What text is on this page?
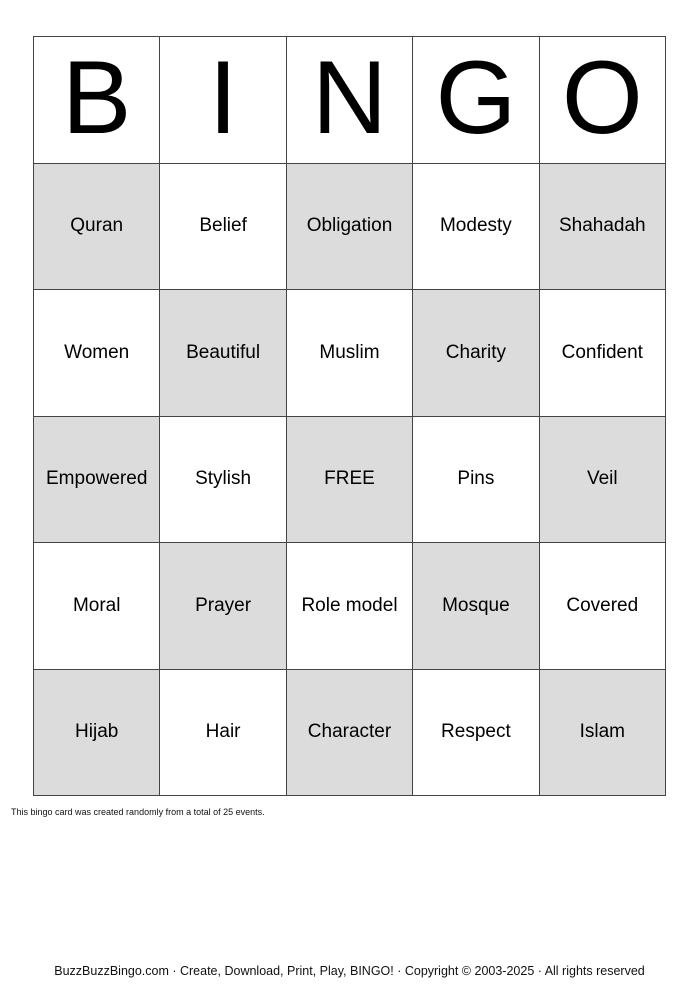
B I N G O
Quran	Belief	Obligation	Modesty	Shahadah
Women	Beautiful	Muslim	Charity	Confident
Empowered	Stylish	FREE	Pins	Veil
Moral	Prayer	Role model	Mosque	Covered
Hijab	Hair	Character	Respect	Islam
This bingo card was created randomly from a total of 25 events.
BuzzBuzzBingo.com · Create, Download, Print, Play, BINGO! · Copyright © 2003-2025 · All rights reserved
